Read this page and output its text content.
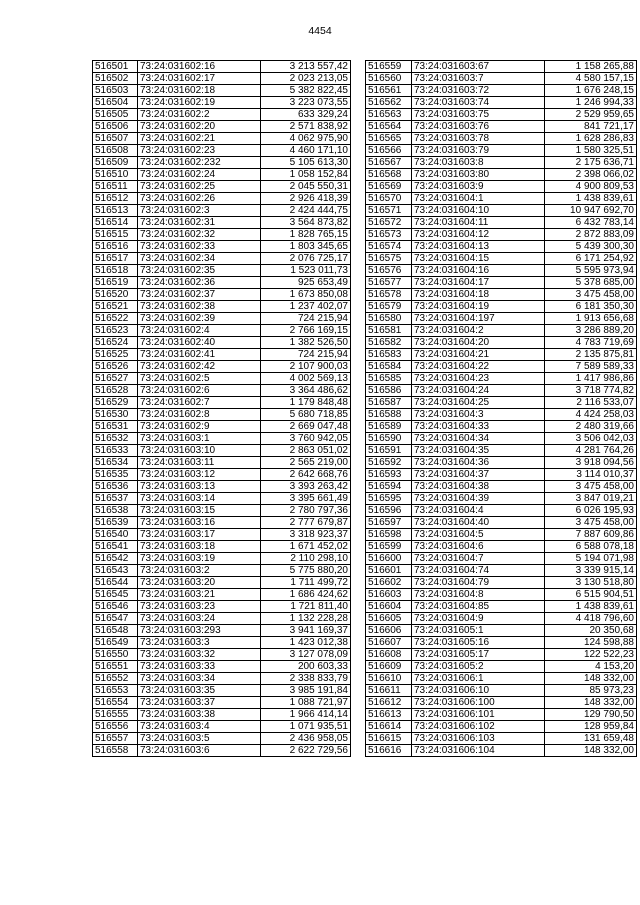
4454
516501	73:24:031602:16	3 213 557,42
516502	73:24:031602:17	2 023 213,05
516503	73:24:031602:18	5 382 822,45
516504	73:24:031602:19	3 223 073,55
516505	73:24:031602:2	633 329,24
516506	73:24:031602:20	2 571 838,92
516507	73:24:031602:21	4 062 975,90
516508	73:24:031602:23	4 460 171,10
516509	73:24:031602:232	5 105 613,30
516510	73:24:031602:24	1 058 152,84
516511	73:24:031602:25	2 045 550,31
516512	73:24:031602:26	2 926 418,39
516513	73:24:031602:3	2 424 444,75
516514	73:24:031602:31	3 564 873,82
516515	73:24:031602:32	1 828 765,15
516516	73:24:031602:33	1 803 345,65
516517	73:24:031602:34	2 076 725,17
516518	73:24:031602:35	1 523 011,73
516519	73:24:031602:36	925 653,49
516520	73:24:031602:37	1 673 850,08
516521	73:24:031602:38	1 237 402,07
516522	73:24:031602:39	724 215,94
516523	73:24:031602:4	2 766 169,15
516524	73:24:031602:40	1 382 526,50
516525	73:24:031602:41	724 215,94
516526	73:24:031602:42	2 107 900,03
516527	73:24:031602:5	4 002 569,13
516528	73:24:031602:6	3 364 486,62
516529	73:24:031602:7	1 179 848,48
516530	73:24:031602:8	5 680 718,85
516531	73:24:031602:9	2 669 047,48
516532	73:24:031603:1	3 760 942,05
516533	73:24:031603:10	2 863 051,02
516534	73:24:031603:11	2 565 219,00
516535	73:24:031603:12	2 642 668,76
516536	73:24:031603:13	3 393 263,42
516537	73:24:031603:14	3 395 661,49
516538	73:24:031603:15	2 780 797,36
516539	73:24:031603:16	2 777 679,87
516540	73:24:031603:17	3 318 923,37
516541	73:24:031603:18	1 671 452,02
516542	73:24:031603:19	2 110 298,10
516543	73:24:031603:2	5 775 880,20
516544	73:24:031603:20	1 711 499,72
516545	73:24:031603:21	1 686 424,62
516546	73:24:031603:23	1 721 811,40
516547	73:24:031603:24	1 132 228,28
516548	73:24:031603:293	3 941 169,37
516549	73:24:031603:3	1 423 012,38
516550	73:24:031603:32	3 127 078,09
516551	73:24:031603:33	200 603,33
516552	73:24:031603:34	2 338 833,79
516553	73:24:031603:35	3 985 191,84
516554	73:24:031603:37	1 088 721,97
516555	73:24:031603:38	1 966 414,14
516556	73:24:031603:4	1 071 935,51
516557	73:24:031603:5	2 436 958,05
516558	73:24:031603:6	2 622 729,56
516559	73:24:031603:67	1 158 265,88
516560	73:24:031603:7	4 580 157,15
516561	73:24:031603:72	1 676 248,15
516562	73:24:031603:74	1 246 994,33
516563	73:24:031603:75	2 529 959,65
516564	73:24:031603:76	841 721,17
516565	73:24:031603:78	1 628 286,83
516566	73:24:031603:79	1 580 325,51
516567	73:24:031603:8	2 175 636,71
516568	73:24:031603:80	2 398 066,02
516569	73:24:031603:9	4 900 809,53
516570	73:24:031604:1	1 438 839,61
516571	73:24:031604:10	10 947 692,70
516572	73:24:031604:11	6 432 783,14
516573	73:24:031604:12	2 872 883,09
516574	73:24:031604:13	5 439 300,30
516575	73:24:031604:15	6 171 254,92
516576	73:24:031604:16	5 595 973,94
516577	73:24:031604:17	5 378 685,00
516578	73:24:031604:18	3 475 458,00
516579	73:24:031604:19	6 181 350,30
516580	73:24:031604:197	1 913 656,68
516581	73:24:031604:2	3 286 889,20
516582	73:24:031604:20	4 783 719,69
516583	73:24:031604:21	2 135 875,81
516584	73:24:031604:22	7 589 589,33
516585	73:24:031604:23	1 417 986,86
516586	73:24:031604:24	3 718 774,82
516587	73:24:031604:25	2 116 533,07
516588	73:24:031604:3	4 424 258,03
516589	73:24:031604:33	2 480 319,66
516590	73:24:031604:34	3 506 042,03
516591	73:24:031604:35	4 281 764,26
516592	73:24:031604:36	3 918 094,56
516593	73:24:031604:37	3 114 010,37
516594	73:24:031604:38	3 475 458,00
516595	73:24:031604:39	3 847 019,21
516596	73:24:031604:4	6 026 195,93
516597	73:24:031604:40	3 475 458,00
516598	73:24:031604:5	7 887 609,86
516599	73:24:031604:6	6 588 078,18
516600	73:24:031604:7	5 194 071,98
516601	73:24:031604:74	3 339 915,14
516602	73:24:031604:79	3 130 518,80
516603	73:24:031604:8	6 515 904,51
516604	73:24:031604:85	1 438 839,61
516605	73:24:031604:9	4 418 796,60
516606	73:24:031605:1	20 350,68
516607	73:24:031605:16	124 598,88
516608	73:24:031605:17	122 522,23
516609	73:24:031605:2	4 153,20
516610	73:24:031606:1	148 332,00
516611	73:24:031606:10	85 973,23
516612	73:24:031606:100	148 332,00
516613	73:24:031606:101	129 790,50
516614	73:24:031606:102	128 959,84
516615	73:24:031606:103	131 659,48
516616	73:24:031606:104	148 332,00
